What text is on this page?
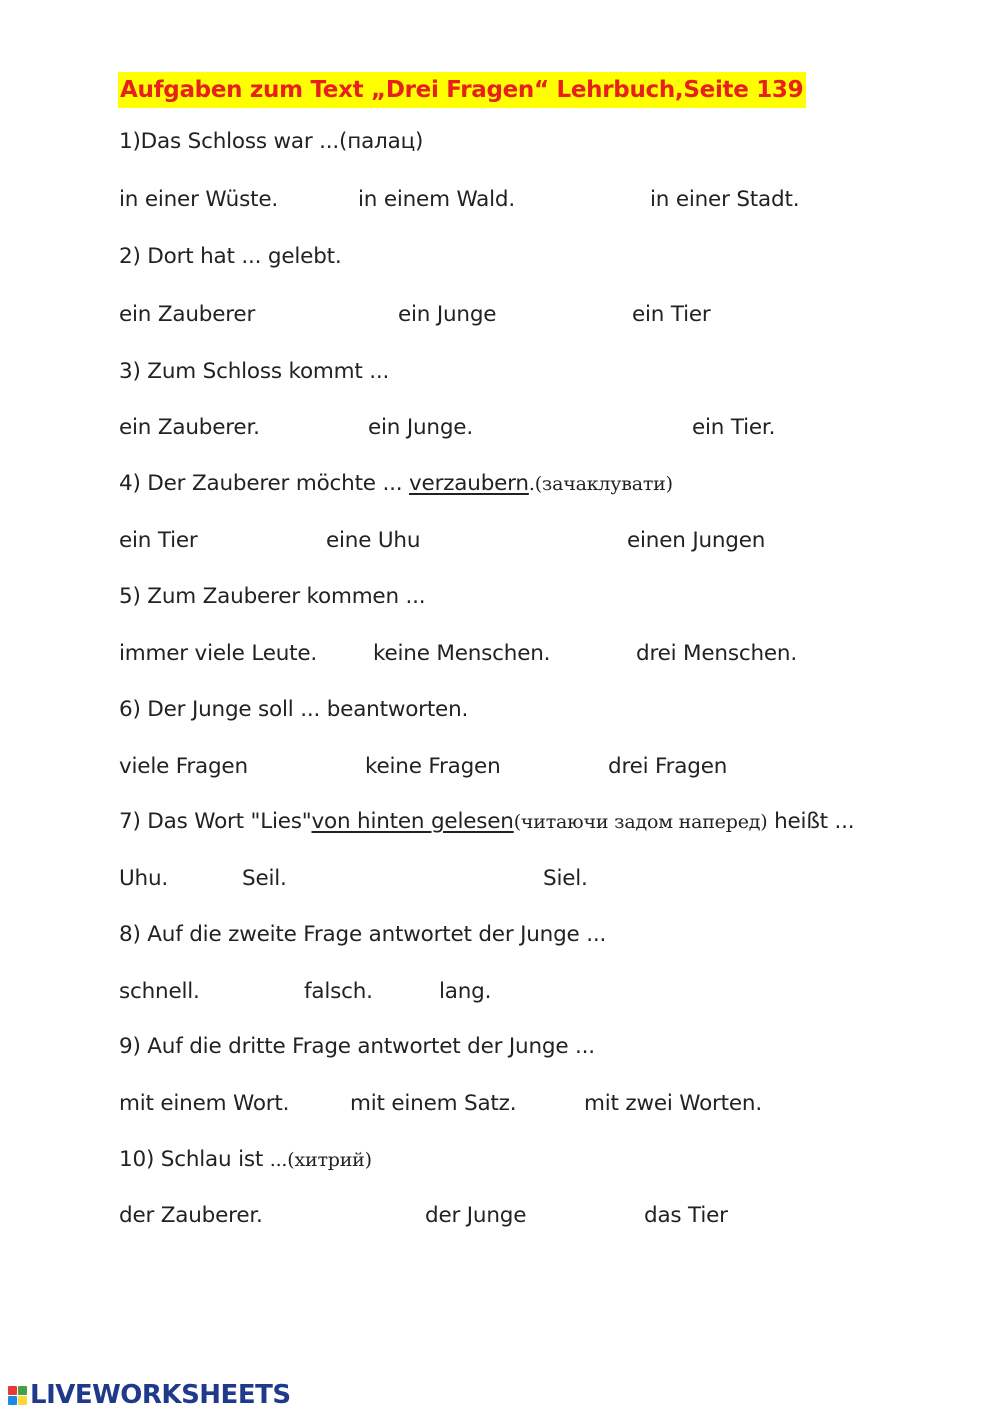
Aufgaben zum Text „Drei Fragen“ Lehrbuch,Seite 139
1)Das Schloss war ...(палац)
in einer Wüste.	in einem Wald.	in einer Stadt.
2) Dort hat ... gelebt.
ein Zauberer	ein Junge	ein Tier
3) Zum Schloss kommt ...
ein Zauberer.	ein Junge.	ein Tier.
4) Der Zauberer möchte ... verzaubern.(зачаклувати)
ein Tier	eine Uhu	einen Jungen
5) Zum Zauberer kommen ...
immer viele Leute.	keine Menschen.	drei Menschen.
6) Der Junge soll ... beantworten.
viele Fragen	keine Fragen	drei Fragen
7) Das Wort "Lies"von hinten gelesen(читаючи задом наперед) heißt ...
Uhu.	Seil.	Siel.
8) Auf die zweite Frage antwortet der Junge ...
schnell.	falsch.	lang.
9) Auf die dritte Frage antwortet der Junge ...
mit einem Wort.	mit einem Satz.	mit zwei Worten.
10) Schlau ist ...(хитрий)
der Zauberer.	der Junge	das Tier
LIVEWORKSHEETS
